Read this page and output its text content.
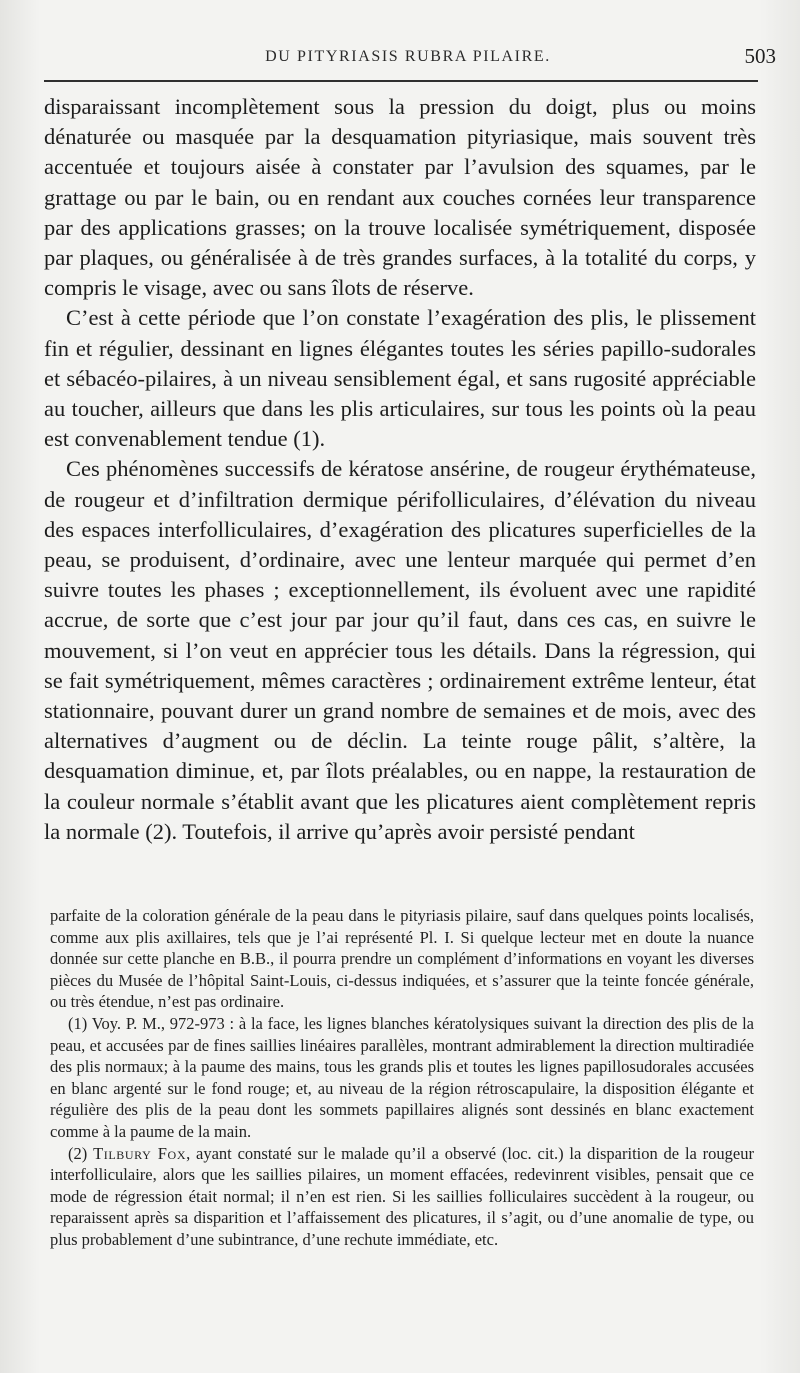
DU PITYRIASIS RUBRA PILAIRE.	503

disparaissant incomplètement sous la pression du doigt, plus ou moins dénaturée ou masquée par la desquamation pityriasique, mais souvent très accentuée et toujours aisée à constater par l’avulsion des squames, par le grattage ou par le bain, ou en rendant aux couches cornées leur transparence par des applications grasses; on la trouve localisée symétriquement, disposée par plaques, ou généralisée à de très grandes surfaces, à la totalité du corps, y compris le visage, avec ou sans îlots de réserve.

C’est à cette période que l’on constate l’exagération des plis, le plissement fin et régulier, dessinant en lignes élégantes toutes les séries papillo-sudorales et sébacéo-pilaires, à un niveau sensiblement égal, et sans rugosité appréciable au toucher, ailleurs que dans les plis articulaires, sur tous les points où la peau est convenablement tendue (1).

Ces phénomènes successifs de kératose ansérine, de rougeur érythémateuse, de rougeur et d’infiltration dermique périfolliculaires, d’élévation du niveau des espaces interfolliculaires, d’exagération des plicatures superficielles de la peau, se produisent, d’ordinaire, avec une lenteur marquée qui permet d’en suivre toutes les phases ; exceptionnellement, ils évoluent avec une rapidité accrue, de sorte que c’est jour par jour qu’il faut, dans ces cas, en suivre le mouvement, si l’on veut en apprécier tous les détails. Dans la régression, qui se fait symétriquement, mêmes caractères ; ordinairement extrême lenteur, état stationnaire, pouvant durer un grand nombre de semaines et de mois, avec des alternatives d’augment ou de déclin. La teinte rouge pâlit, s’altère, la desquamation diminue, et, par îlots préalables, ou en nappe, la restauration de la couleur normale s’établit avant que les plicatures aient complètement repris la normale (2). Toutefois, il arrive qu’après avoir persisté pendant

parfaite de la coloration générale de la peau dans le pityriasis pilaire, sauf dans quelques points localisés, comme aux plis axillaires, tels que je l’ai représenté Pl. I. Si quelque lecteur met en doute la nuance donnée sur cette planche en B.B., il pourra prendre un complément d’informations en voyant les diverses pièces du Musée de l’hôpital Saint-Louis, ci-dessus indiquées, et s’assurer que la teinte foncée générale, ou très étendue, n’est pas ordinaire.

(1) Voy. P. M., 972-973 : à la face, les lignes blanches kératolysiques suivant la direction des plis de la peau, et accusées par de fines saillies linéaires parallèles, montrant admirablement la direction multiradiée des plis normaux; à la paume des mains, tous les grands plis et toutes les lignes papillosudorales accusées en blanc argenté sur le fond rouge; et, au niveau de la région rétroscapulaire, la disposition élégante et régulière des plis de la peau dont les sommets papillaires alignés sont dessinés en blanc exactement comme à la paume de la main.

(2) Tilbury Fox, ayant constaté sur le malade qu’il a observé (loc. cit.) la disparition de la rougeur interfolliculaire, alors que les saillies pilaires, un moment effacées, redevinrent visibles, pensait que ce mode de régression était normal; il n’en est rien. Si les saillies folliculaires succèdent à la rougeur, ou reparaissent après sa disparition et l’affaissement des plicatures, il s’agit, ou d’une anomalie de type, ou plus probablement d’une subintrance, d’une rechute immédiate, etc.
